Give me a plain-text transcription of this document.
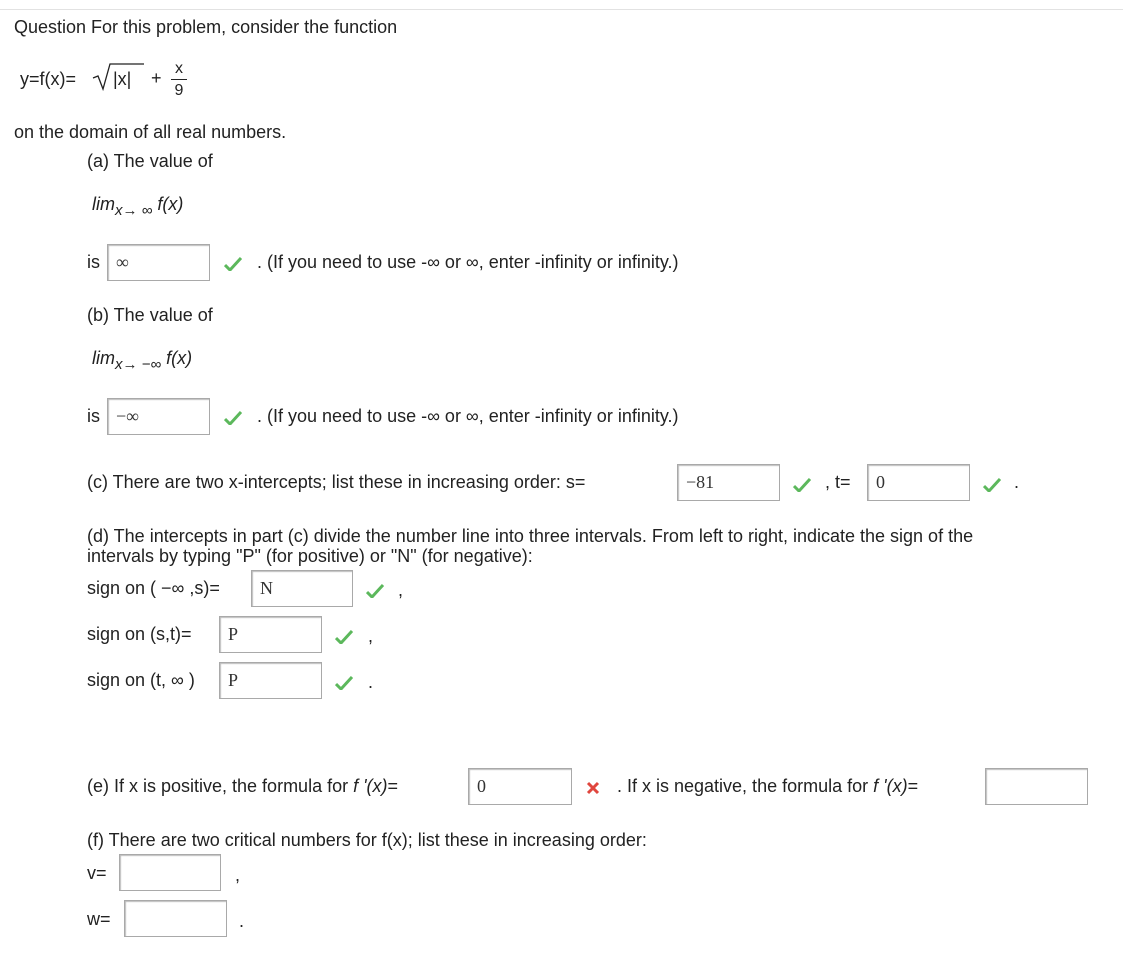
Question For this problem, consider the function
y=f(x)= |x| + x
9
on the domain of all real numbers.
(a) The value of
$\lim_{x\to \infty} f(x)$
is ∞	. (If you need to use -∞ or ∞, enter -infinity or infinity.)
(b) The value of
$\lim_{x\to -\infty} f(x)$
is −∞	. (If you need to use -∞ or ∞, enter -infinity or infinity.)
(c) There are two x-intercepts; list these in increasing order: s=	−81	, t=	0	.
(d) The intercepts in part (c) divide the number line into three intervals. From left to right, indicate the sign of the
intervals by typing "P" (for positive) or "N" (for negative):
sign on ( −∞ ,s)=	N	,
sign on (s,t)=	P	,
sign on (t, ∞ )	P	.
(e) If x is positive, the formula for f '(x)=	0	. If x is negative, the formula for f '(x)=
(f) There are two critical numbers for f(x); list these in increasing order:
v=	,
w=	.
